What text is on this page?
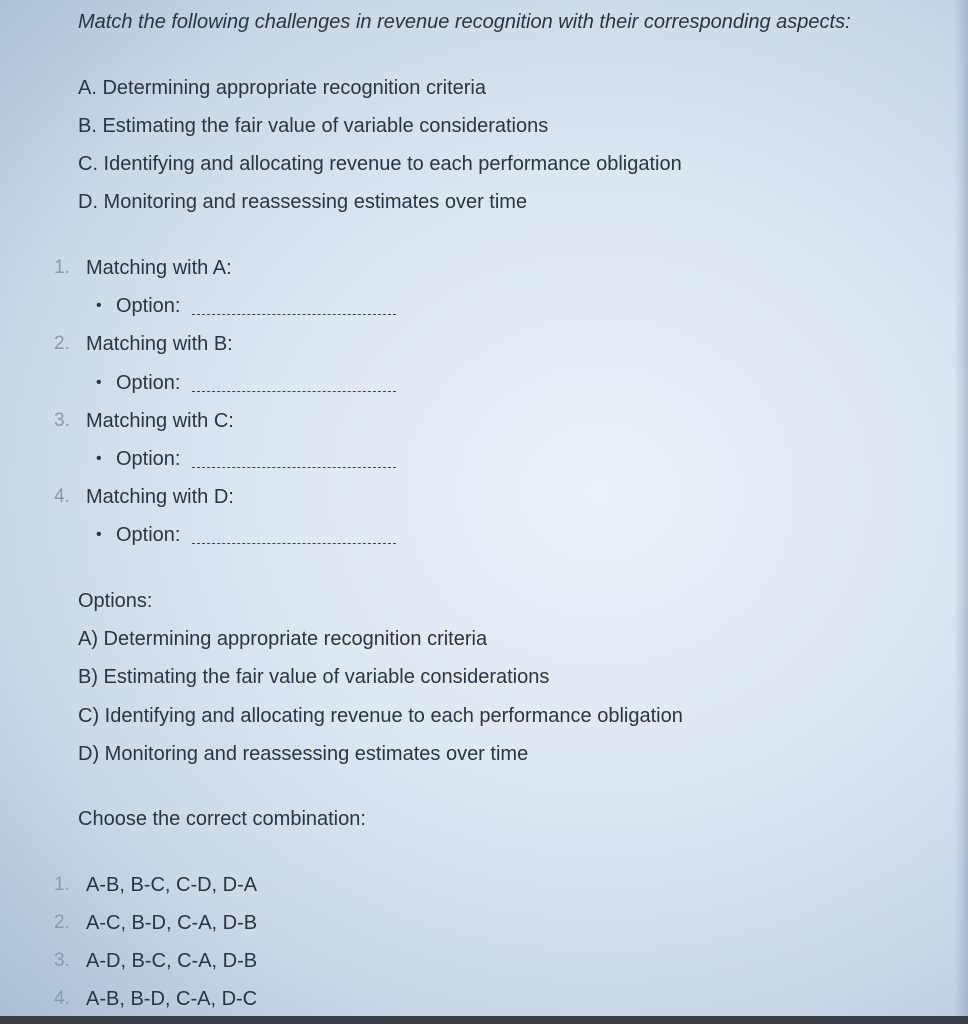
Match the following challenges in revenue recognition with their corresponding aspects:
A. Determining appropriate recognition criteria
B. Estimating the fair value of variable considerations
C. Identifying and allocating revenue to each performance obligation
D. Monitoring and reassessing estimates over time
1. Matching with A:
• Option:
2. Matching with B:
• Option:
3. Matching with C:
• Option:
4. Matching with D:
• Option:
Options:
A) Determining appropriate recognition criteria
B) Estimating the fair value of variable considerations
C) Identifying and allocating revenue to each performance obligation
D) Monitoring and reassessing estimates over time
Choose the correct combination:
1. A-B, B-C, C-D, D-A
2. A-C, B-D, C-A, D-B
3. A-D, B-C, C-A, D-B
4. A-B, B-D, C-A, D-C
